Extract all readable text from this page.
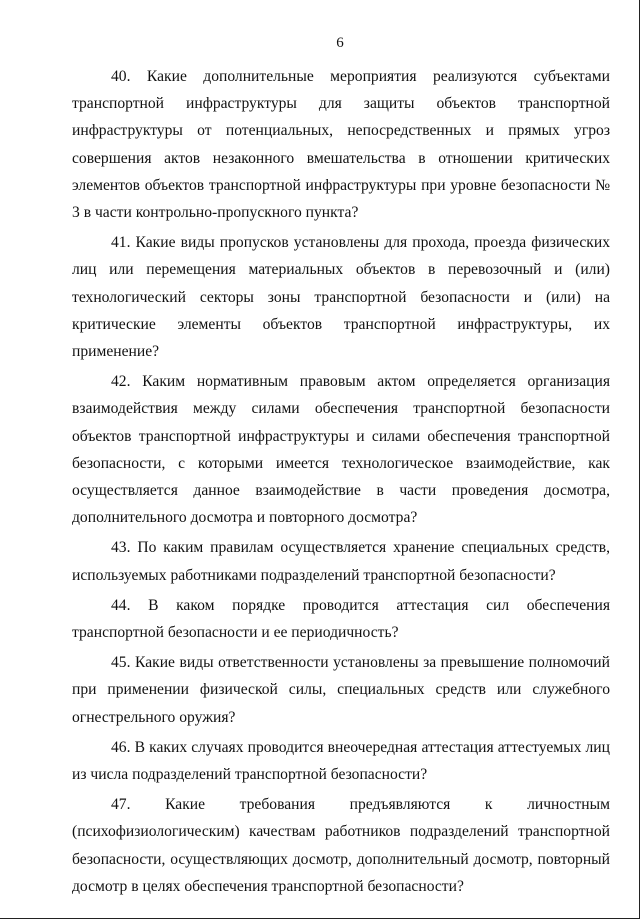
6

40. Какие дополнительные мероприятия реализуются субъектами транспортной инфраструктуры для защиты объектов транспортной инфраструктуры от потенциальных, непосредственных и прямых угроз совершения актов незаконного вмешательства в отношении критических элементов объектов транспортной инфраструктуры при уровне безопасности № 3 в части контрольно-пропускного пункта?

41. Какие виды пропусков установлены для прохода, проезда физических лиц или перемещения материальных объектов в перевозочный и (или) технологический секторы зоны транспортной безопасности и (или) на критические элементы объектов транспортной инфраструктуры, их применение?

42. Каким нормативным правовым актом определяется организация взаимодействия между силами обеспечения транспортной безопасности объектов транспортной инфраструктуры и силами обеспечения транспортной безопасности, с которыми имеется технологическое взаимодействие, как осуществляется данное взаимодействие в части проведения досмотра, дополнительного досмотра и повторного досмотра?

43. По каким правилам осуществляется хранение специальных средств, используемых работниками подразделений транспортной безопасности?

44. В каком порядке проводится аттестация сил обеспечения транспортной безопасности и ее периодичность?

45. Какие виды ответственности установлены за превышение полномочий при применении физической силы, специальных средств или служебного огнестрельного оружия?

46. В каких случаях проводится внеочередная аттестация аттестуемых лиц из числа подразделений транспортной безопасности?

47. Какие требования предъявляются к личностным (психофизиологическим) качествам работников подразделений транспортной безопасности, осуществляющих досмотр, дополнительный досмотр, повторный досмотр в целях обеспечения транспортной безопасности?
